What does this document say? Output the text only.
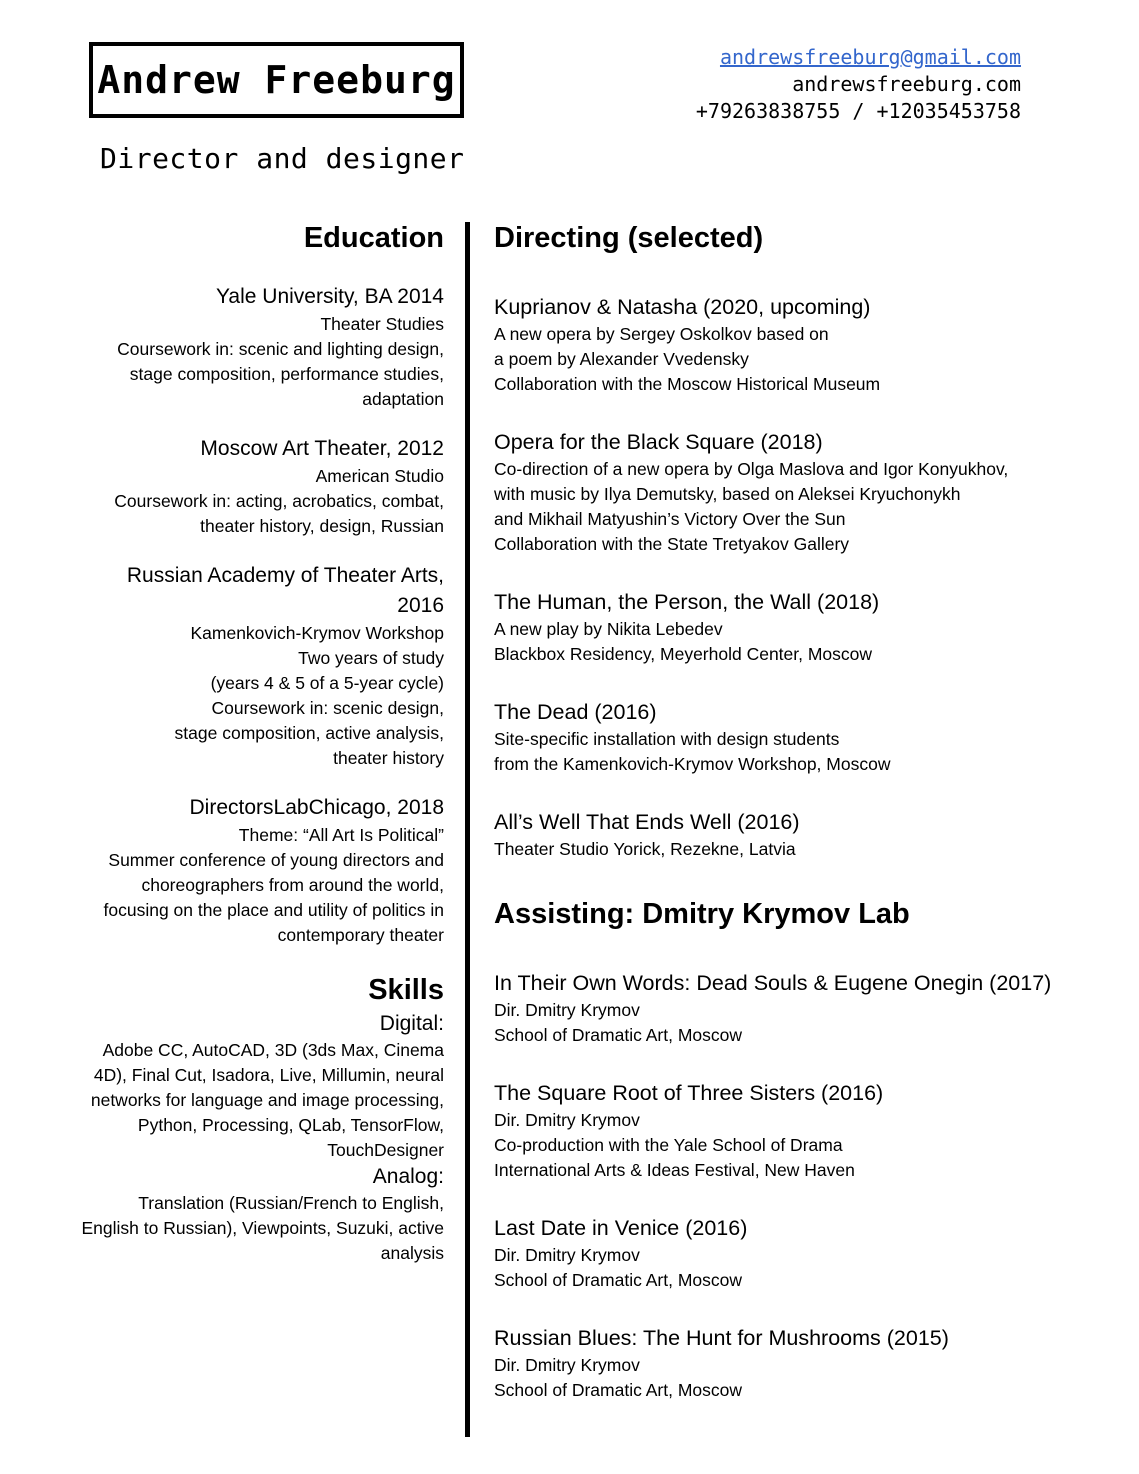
Andrew Freeburg

Director and designer

andrewsfreeburg@gmail.com
andrewsfreeburg.com
+79263838755 / +12035453758
Education

Yale University, BA 2014

Theater Studies

Coursework in: scenic and lighting design,

stage composition, performance studies,

adaptation

Moscow Art Theater, 2012

American Studio

Coursework in: acting, acrobatics, combat,

theater history, design, Russian

Russian Academy of Theater Arts,

2016

Kamenkovich-Krymov Workshop

Two years of study

(years 4 & 5 of a 5-year cycle)

Coursework in: scenic design,

stage composition, active analysis,

theater history

DirectorsLabChicago, 2018

Theme: “All Art Is Political”

Summer conference of young directors and

choreographers from around the world,

focusing on the place and utility of politics in

contemporary theater

Skills

Digital:

Adobe CC, AutoCAD, 3D (3ds Max, Cinema

4D), Final Cut, Isadora, Live, Millumin, neural

networks for language and image processing,

Python, Processing, QLab, TensorFlow,

TouchDesigner

Analog:

Translation (Russian/French to English,

English to Russian), Viewpoints, Suzuki, active

analysis

Directing (selected)

Kuprianov & Natasha (2020, upcoming)

A new opera by Sergey Oskolkov based on

a poem by Alexander Vvedensky

Collaboration with the Moscow Historical Museum

Opera for the Black Square (2018)

Co-direction of a new opera by Olga Maslova and Igor Konyukhov,

with music by Ilya Demutsky, based on Aleksei Kryuchonykh

and Mikhail Matyushin’s Victory Over the Sun

Collaboration with the State Tretyakov Gallery

The Human, the Person, the Wall (2018)

A new play by Nikita Lebedev

Blackbox Residency, Meyerhold Center, Moscow

The Dead (2016)

Site-specific installation with design students

from the Kamenkovich-Krymov Workshop, Moscow

All’s Well That Ends Well (2016)

Theater Studio Yorick, Rezekne, Latvia

Assisting: Dmitry Krymov Lab

In Their Own Words: Dead Souls & Eugene Onegin (2017)

Dir. Dmitry Krymov

School of Dramatic Art, Moscow

The Square Root of Three Sisters (2016)

Dir. Dmitry Krymov

Co-production with the Yale School of Drama

International Arts & Ideas Festival, New Haven

Last Date in Venice (2016)

Dir. Dmitry Krymov

School of Dramatic Art, Moscow

Russian Blues: The Hunt for Mushrooms (2015)

Dir. Dmitry Krymov

School of Dramatic Art, Moscow
